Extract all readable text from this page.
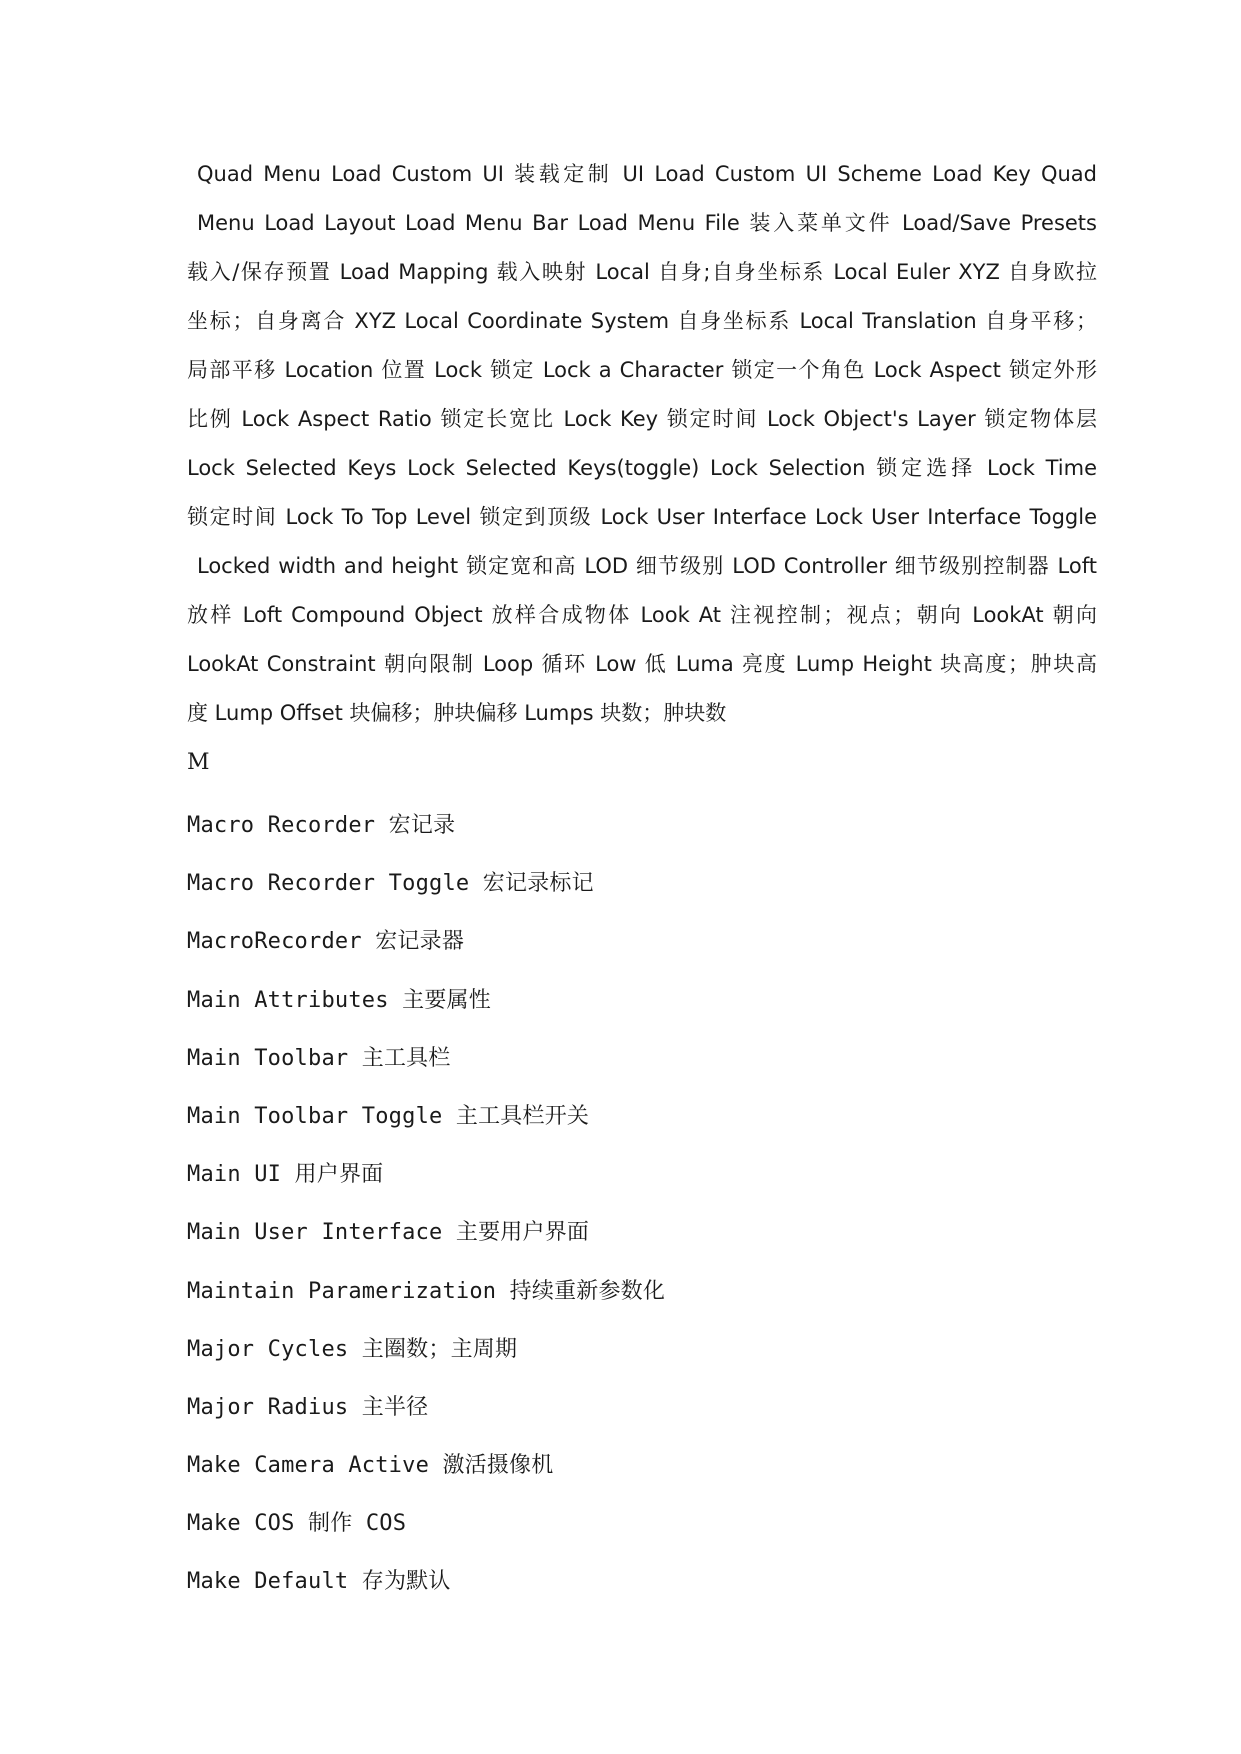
Quad Menu Load Custom UI 装载定制 UI Load Custom UI Scheme Load Key Quad
Menu Load Layout Load Menu Bar Load Menu File 装入菜单文件 Load/Save Presets
载入/保存预置 Load Mapping 载入映射 Local 自身;自身坐标系 Local Euler XYZ 自身欧拉
坐标；自身离合 XYZ Local Coordinate System 自身坐标系 Local Translation 自身平移；
局部平移 Location 位置 Lock 锁定 Lock a Character 锁定一个角色 Lock Aspect 锁定外形
比例 Lock Aspect Ratio 锁定长宽比 Lock Key 锁定时间 Lock Object's Layer 锁定物体层
Lock Selected Keys Lock Selected Keys(toggle) Lock Selection 锁定选择 Lock Time
锁定时间 Lock To Top Level 锁定到顶级 Lock User Interface Lock User Interface Toggle
Locked width and height 锁定宽和高 LOD 细节级别 LOD Controller 细节级别控制器 Loft
放样 Loft Compound Object 放样合成物体 Look At 注视控制；视点；朝向 LookAt 朝向
LookAt Constraint 朝向限制 Loop 循环 Low 低 Luma 亮度 Lump Height 块高度；肿块高
度 Lump Offset 块偏移；肿块偏移 Lumps 块数；肿块数
M
Macro Recorder 宏记录
Macro Recorder Toggle 宏记录标记
MacroRecorder 宏记录器
Main Attributes 主要属性
Main Toolbar 主工具栏
Main Toolbar Toggle 主工具栏开关
Main UI 用户界面
Main User Interface 主要用户界面
Maintain Paramerization 持续重新参数化
Major Cycles 主圈数；主周期
Major Radius 主半径
Make Camera Active 激活摄像机
Make COS 制作 COS
Make Default 存为默认
